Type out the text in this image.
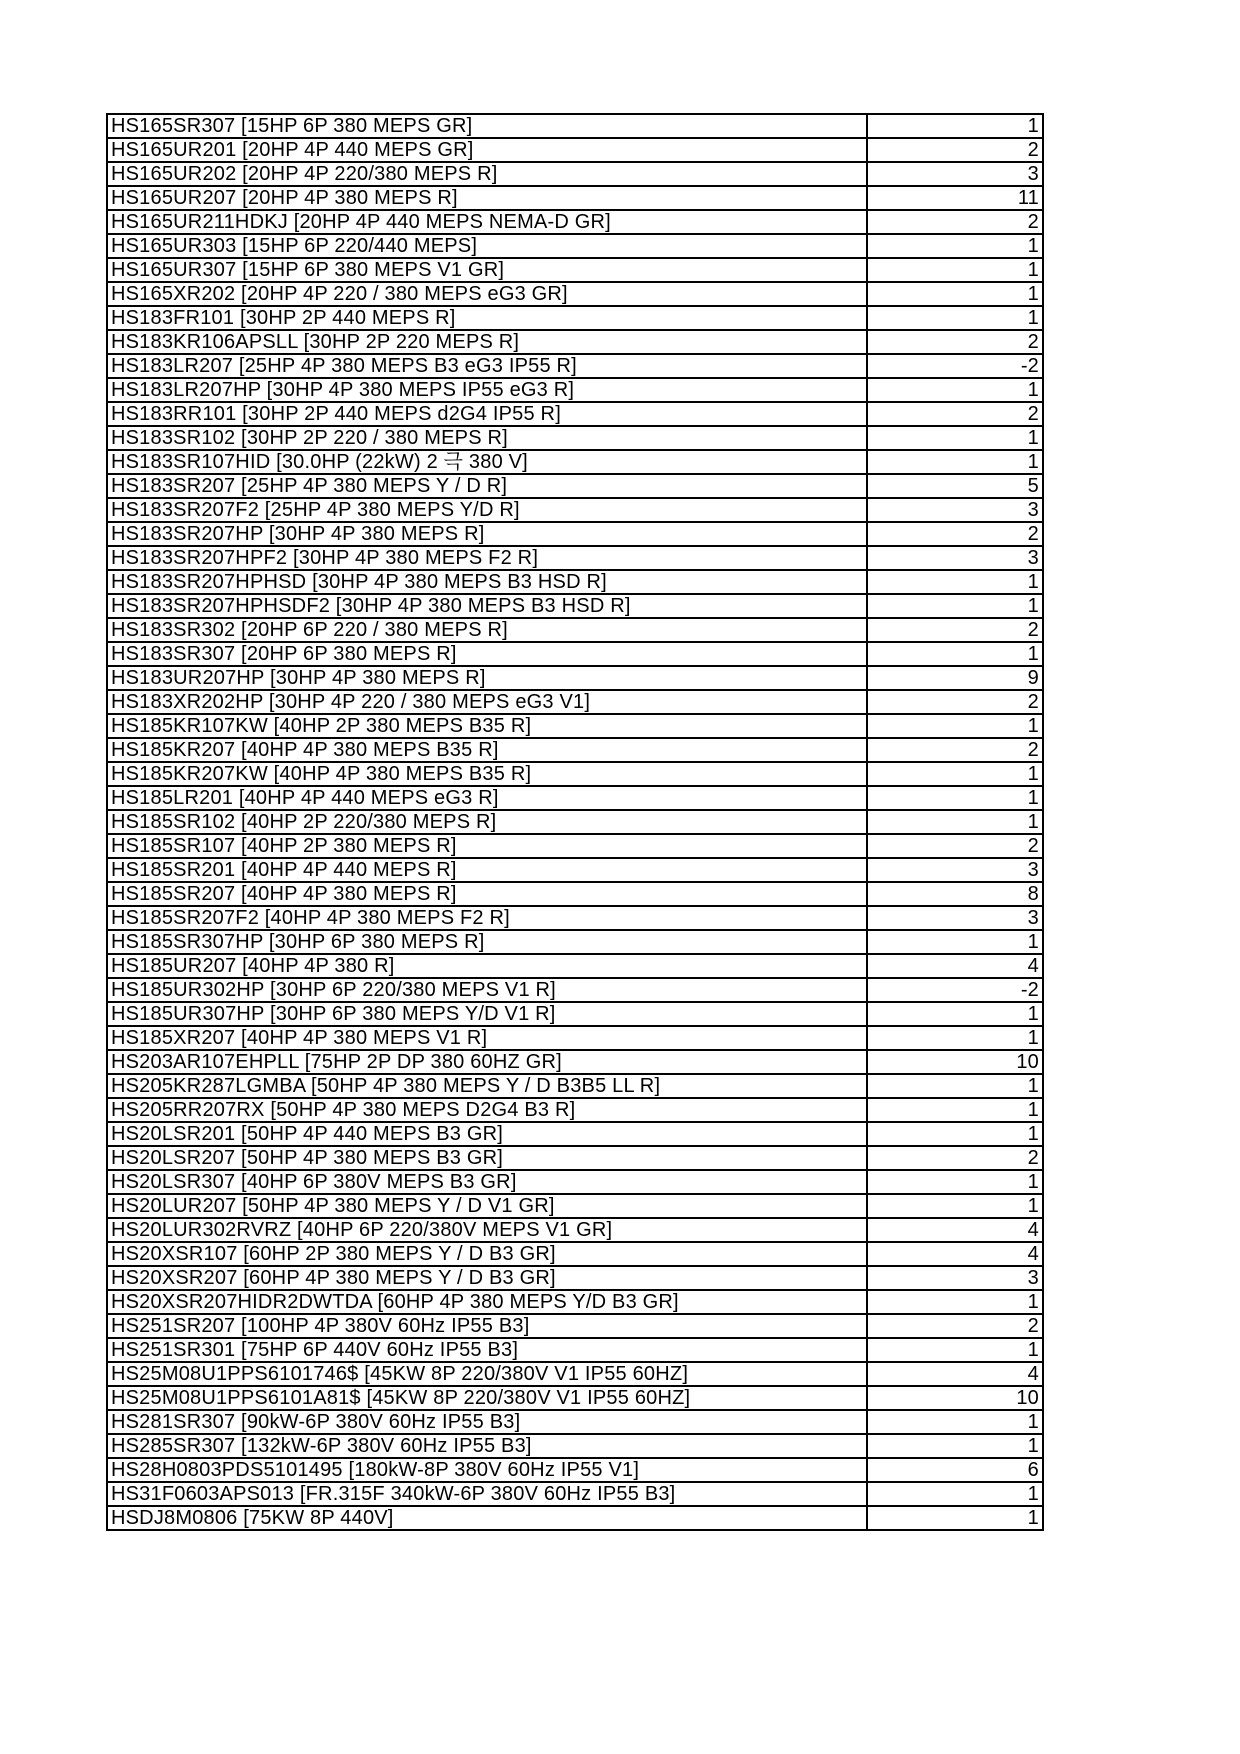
HS165SR307 [15HP 6P 380 MEPS GR]	1
HS165UR201 [20HP 4P 440 MEPS GR]	2
HS165UR202 [20HP 4P 220/380 MEPS R]	3
HS165UR207 [20HP 4P 380 MEPS R]	11
HS165UR211HDKJ [20HP 4P 440 MEPS NEMA-D GR]	2
HS165UR303 [15HP 6P 220/440 MEPS]	1
HS165UR307 [15HP 6P 380 MEPS V1 GR]	1
HS165XR202 [20HP 4P 220 / 380 MEPS eG3 GR]	1
HS183FR101 [30HP 2P 440 MEPS R]	1
HS183KR106APSLL [30HP 2P 220 MEPS R]	2
HS183LR207 [25HP 4P 380 MEPS B3 eG3 IP55 R]	-2
HS183LR207HP [30HP 4P 380 MEPS IP55 eG3 R]	1
HS183RR101 [30HP 2P 440 MEPS d2G4 IP55 R]	2
HS183SR102 [30HP 2P 220 / 380 MEPS R]	1
HS183SR107HID [30.0HP (22kW) 2 극 380 V]	1
HS183SR207 [25HP 4P 380 MEPS Y / D R]	5
HS183SR207F2 [25HP 4P 380 MEPS Y/D R]	3
HS183SR207HP [30HP 4P 380 MEPS R]	2
HS183SR207HPF2 [30HP 4P 380 MEPS F2 R]	3
HS183SR207HPHSD [30HP 4P 380 MEPS B3 HSD R]	1
HS183SR207HPHSDF2 [30HP 4P 380 MEPS B3 HSD R]	1
HS183SR302 [20HP 6P 220 / 380 MEPS R]	2
HS183SR307 [20HP 6P 380 MEPS R]	1
HS183UR207HP [30HP 4P 380 MEPS R]	9
HS183XR202HP [30HP 4P 220 / 380 MEPS eG3 V1]	2
HS185KR107KW [40HP 2P 380 MEPS B35 R]	1
HS185KR207 [40HP 4P 380 MEPS B35 R]	2
HS185KR207KW [40HP 4P 380 MEPS B35 R]	1
HS185LR201 [40HP 4P 440 MEPS eG3 R]	1
HS185SR102 [40HP 2P 220/380 MEPS R]	1
HS185SR107 [40HP 2P 380 MEPS R]	2
HS185SR201 [40HP 4P 440 MEPS R]	3
HS185SR207 [40HP 4P 380 MEPS R]	8
HS185SR207F2 [40HP 4P 380 MEPS F2 R]	3
HS185SR307HP [30HP 6P 380 MEPS R]	1
HS185UR207 [40HP 4P 380 R]	4
HS185UR302HP [30HP 6P 220/380 MEPS V1 R]	-2
HS185UR307HP [30HP 6P 380 MEPS Y/D V1 R]	1
HS185XR207 [40HP 4P 380 MEPS V1 R]	1
HS203AR107EHPLL [75HP 2P DP 380 60HZ GR]	10
HS205KR287LGMBA [50HP 4P 380 MEPS Y / D B3B5 LL R]	1
HS205RR207RX [50HP 4P 380 MEPS D2G4 B3 R]	1
HS20LSR201 [50HP 4P 440 MEPS B3 GR]	1
HS20LSR207 [50HP 4P 380 MEPS B3 GR]	2
HS20LSR307 [40HP 6P 380V MEPS B3 GR]	1
HS20LUR207 [50HP 4P 380 MEPS Y / D V1 GR]	1
HS20LUR302RVRZ [40HP 6P 220/380V MEPS V1 GR]	4
HS20XSR107 [60HP 2P 380 MEPS Y / D B3 GR]	4
HS20XSR207 [60HP 4P 380 MEPS Y / D B3 GR]	3
HS20XSR207HIDR2DWTDA [60HP 4P 380 MEPS Y/D B3 GR]	1
HS251SR207 [100HP 4P 380V 60Hz IP55 B3]	2
HS251SR301 [75HP 6P 440V 60Hz IP55 B3]	1
HS25M08U1PPS6101746$ [45KW 8P 220/380V V1 IP55 60HZ]	4
HS25M08U1PPS6101A81$ [45KW 8P 220/380V V1 IP55 60HZ]	10
HS281SR307 [90kW-6P 380V 60Hz IP55 B3]	1
HS285SR307 [132kW-6P 380V 60Hz IP55 B3]	1
HS28H0803PDS5101495 [180kW-8P 380V 60Hz IP55 V1]	6
HS31F0603APS013 [FR.315F 340kW-6P 380V 60Hz IP55 B3]	1
HSDJ8M0806 [75KW 8P 440V]	1
